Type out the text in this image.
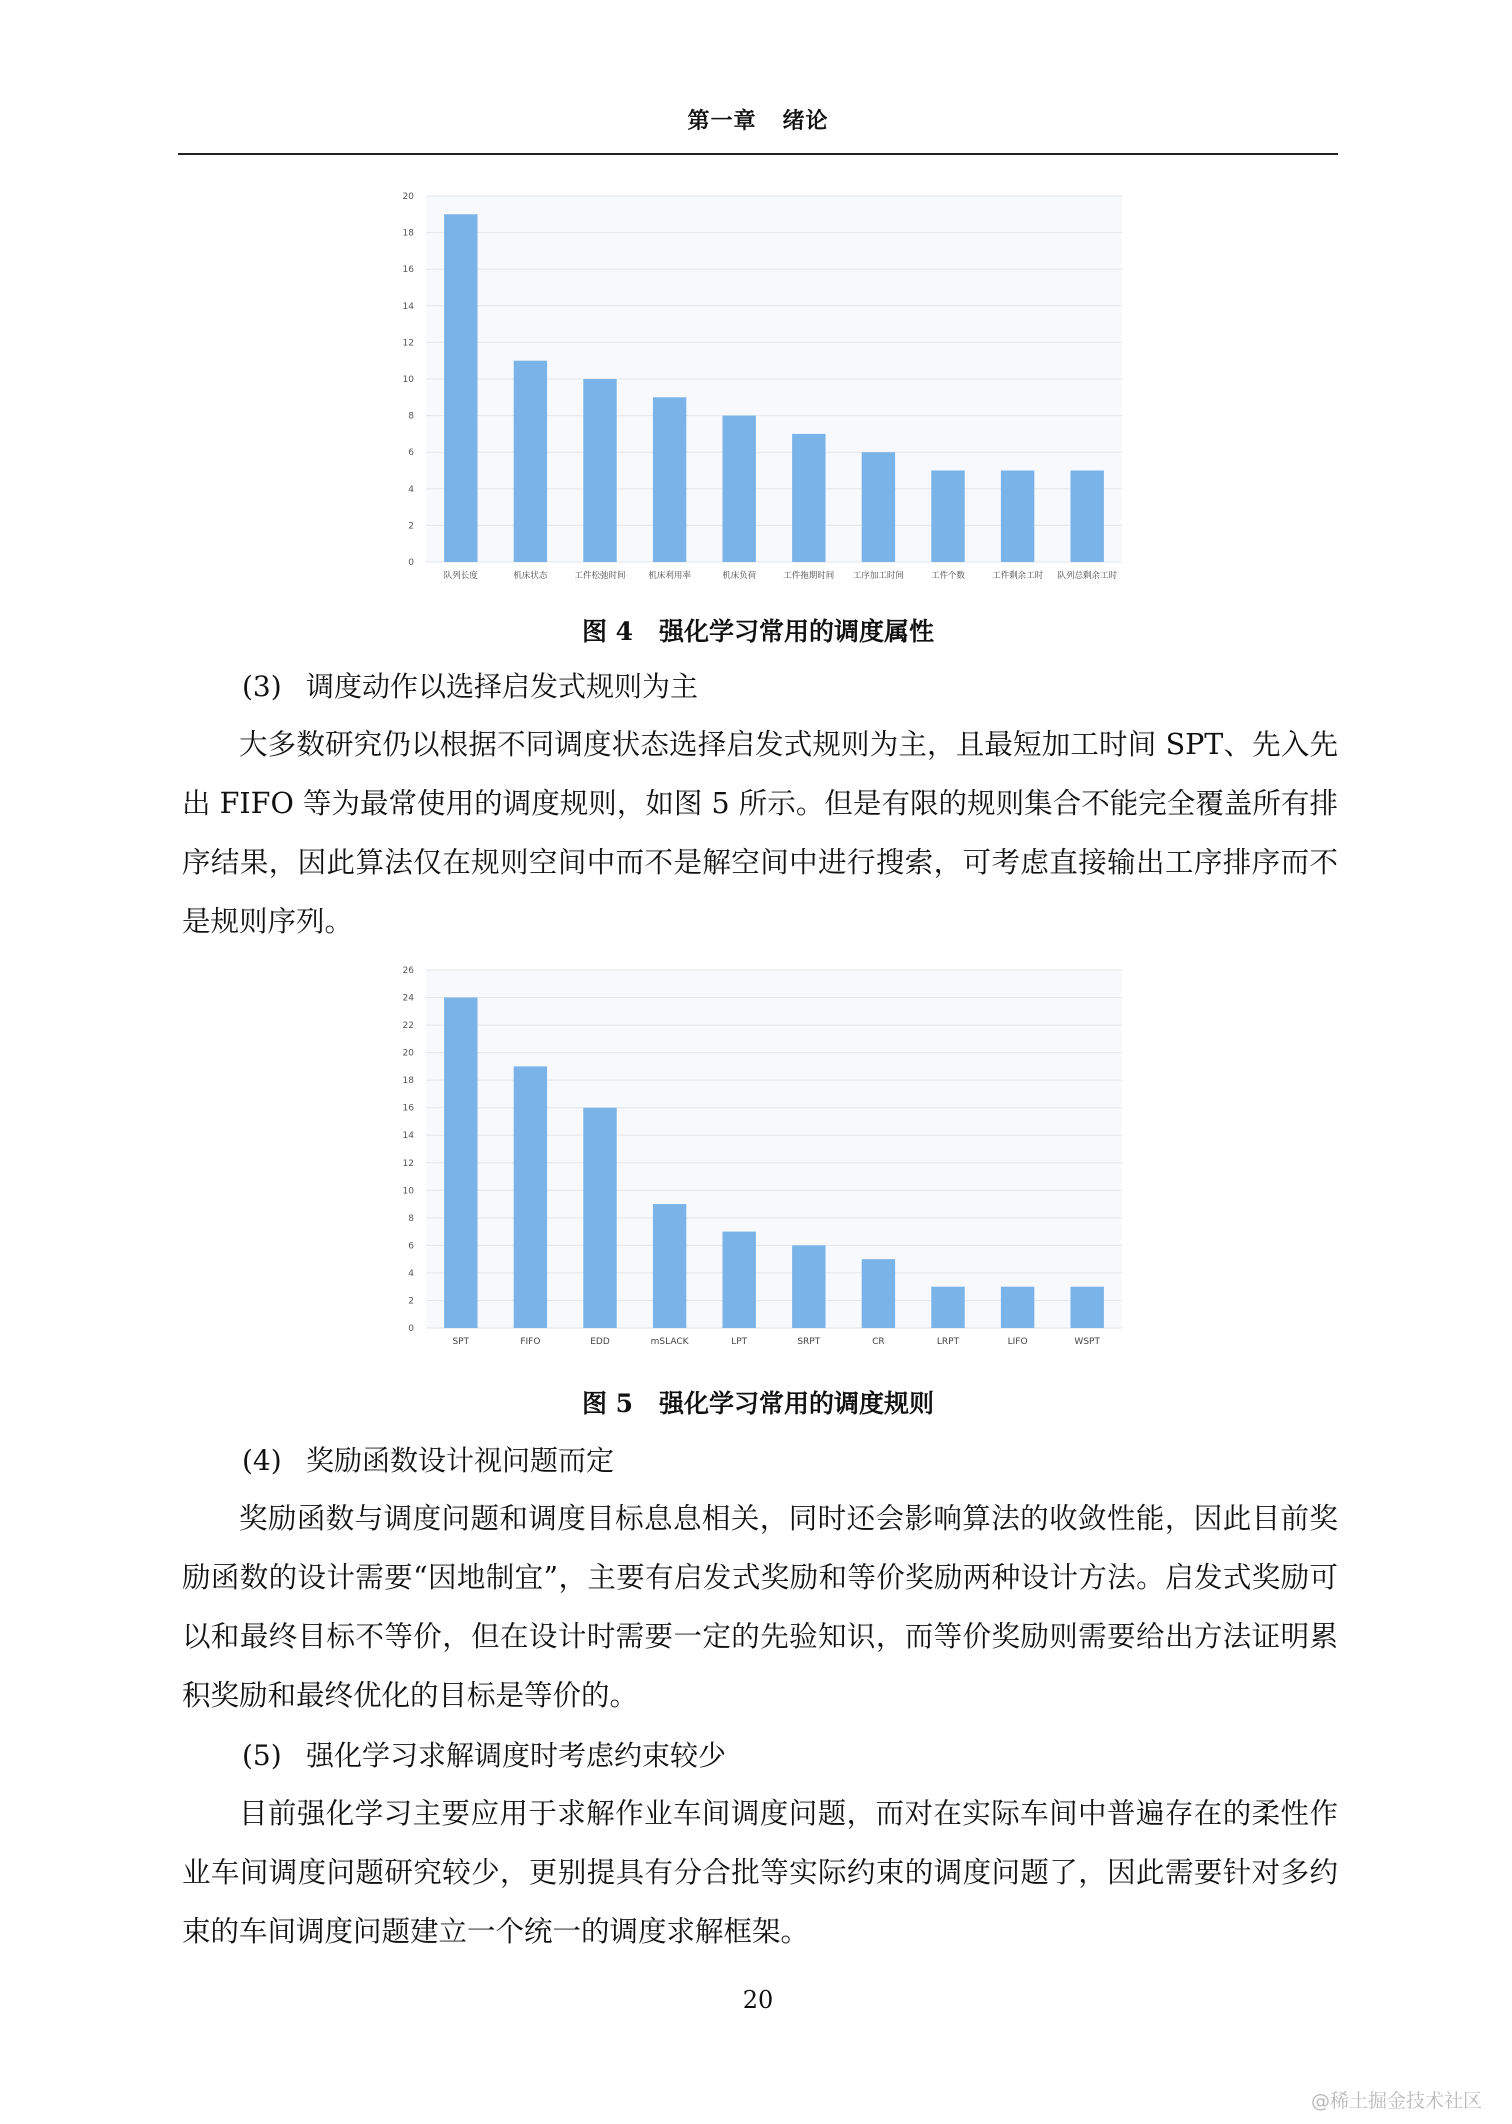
第一章 绪论
0
2
4
6
8
10
12
14
16
18
20
队列长度	机床状态	工件松弛时间	机床利用率	机床负荷	工件拖期时间 工序加工时间	工件个数	工件剩余工时 队列总剩余工时
图 4 强化学习常用的调度属性
(3) 调度动作以选择启发式规则为主

大多数研究仍以根据不同调度状态选择启发式规则为主，且最短加工时间 SPT、先入先出 FIFO 等为最常使用的调度规则，如图 5 所示。但是有限的规则集合不能完全覆盖所有排序结果，因此算法仅在规则空间中而不是解空间中进行搜索，可考虑直接输出工序排序而不是规则序列。

0
2
4
6
8
10
12
14
16
18
20
22
24
26
SPT	FIFO	EDD	mSLACK	LPT	SRPT	CR	LRPT	LIFO	WSPT
图 5 强化学习常用的调度规则
(4) 奖励函数设计视问题而定

奖励函数与调度问题和调度目标息息相关，同时还会影响算法的收敛性能，因此目前奖励函数的设计需要“因地制宜”，主要有启发式奖励和等价奖励两种设计方法。启发式奖励可以和最终目标不等价，但在设计时需要一定的先验知识，而等价奖励则需要给出方法证明累积奖励和最终优化的目标是等价的。

(5) 强化学习求解调度时考虑约束较少

目前强化学习主要应用于求解作业车间调度问题，而对在实际车间中普遍存在的柔性作业车间调度问题研究较少，更别提具有分合批等实际约束的调度问题了，因此需要针对多约束的车间调度问题建立一个统一的调度求解框架。

20
@稀土掘金技术社区
